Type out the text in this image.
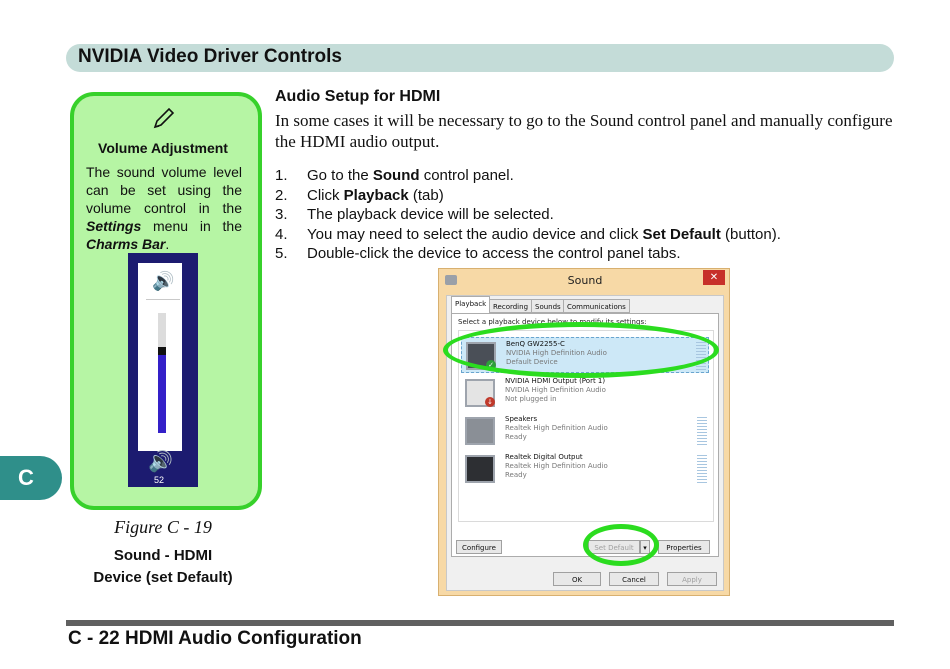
NVIDIA Video Driver Controls
C
Volume Adjustment
The sound volume level can be set using the volume control in the Settings menu in the Charms Bar.
🔊
🔊
52
Figure C - 19
Sound - HDMI
Device (set Default)
Audio Setup for HDMI
In some cases it will be necessary to go to the Sound control panel and manually configure the HDMI audio output.
1. Go to the Sound control panel.
2. Click Playback (tab)
3. The playback device will be selected.
4. You may need to select the audio device and click Set Default (button).
5. Double-click the device to access the control panel tabs.
Sound	✕
Playback Recording Sounds Communications
Select a playback device below to modify its settings:
✓
BenQ GW2255-C
NVIDIA High Definition Audio
Default Device
↓
NVIDIA HDMI Output (Port 1)
NVIDIA High Definition Audio
Not plugged in
Speakers
Realtek High Definition Audio
Ready
Realtek Digital Output
Realtek High Definition Audio
Ready
Configure	Set Default	▾	Properties
OK	Cancel	Apply
C - 22 HDMI Audio Configuration
